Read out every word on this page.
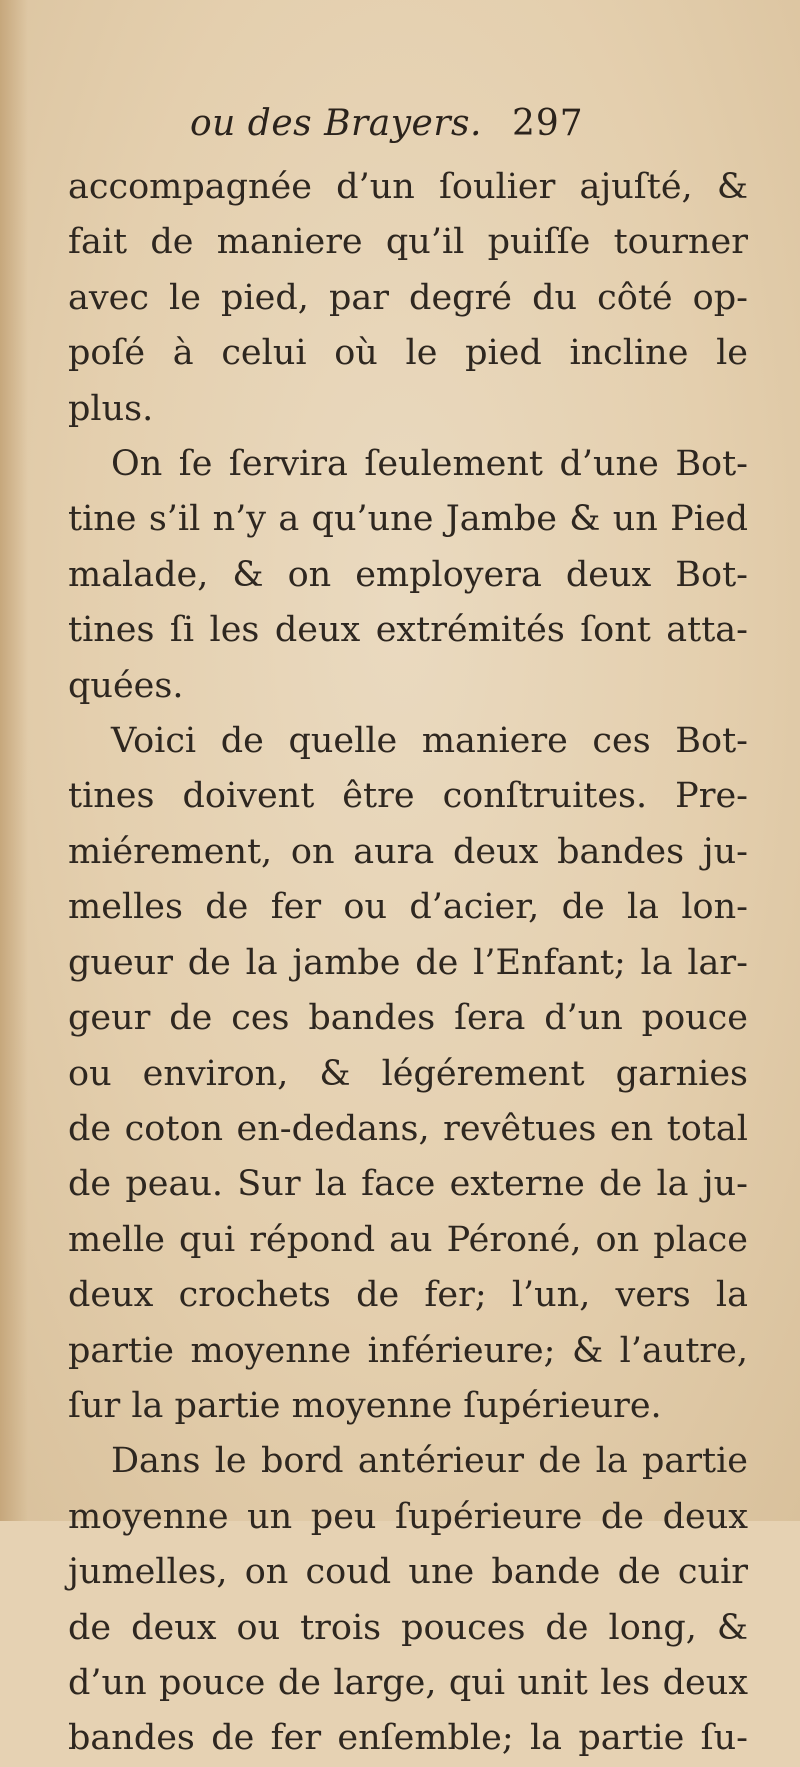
ou des Brayers. 297
accompagnée d’un ſoulier ajuſté, &
fait de maniere qu’il puiſſe tourner
avec le pied, par degré du côté op-
poſé à celui où le pied incline le
plus.
On ſe ſervira ſeulement d’une Bot-
tine s’il n’y a qu’une Jambe & un Pied
malade, & on employera deux Bot-
tines ſi les deux extrémités ſont atta-
quées.
Voici de quelle maniere ces Bot-
tines doivent être conſtruites. Pre-
miérement, on aura deux bandes ju-
melles de fer ou d’acier, de la lon-
gueur de la jambe de l’Enfant; la lar-
geur de ces bandes ſera d’un pouce
ou environ, & légérement garnies
de coton en-dedans, revêtues en total
de peau. Sur la face externe de la ju-
melle qui répond au Péroné, on place
deux crochets de fer; l’un, vers la
partie moyenne inférieure; & l’autre,
ſur la partie moyenne ſupérieure.
Dans le bord antérieur de la partie
moyenne un peu ſupérieure de deux
jumelles, on coud une bande de cuir
de deux ou trois pouces de long, &
d’un pouce de large, qui unit les deux
bandes de fer enſemble; la partie ſu-
